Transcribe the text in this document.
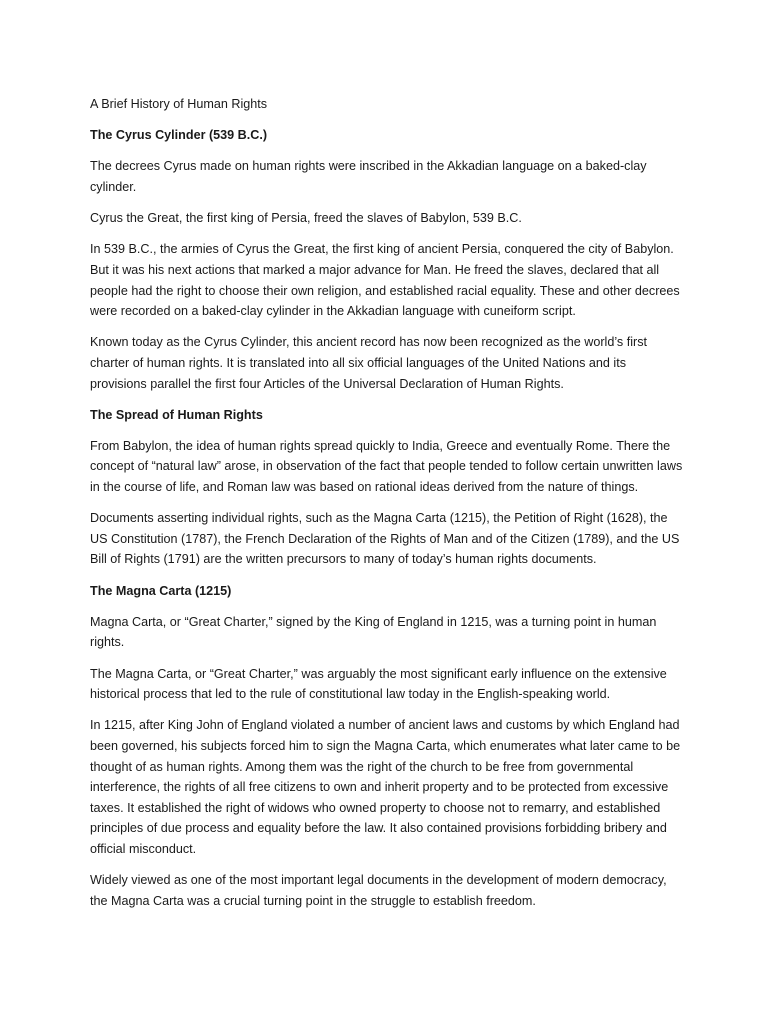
A Brief History of Human Rights

The Cyrus Cylinder (539 B.C.)

The decrees Cyrus made on human rights were inscribed in the Akkadian language on a baked-clay cylinder.

Cyrus the Great, the first king of Persia, freed the slaves of Babylon, 539 B.C.

In 539 B.C., the armies of Cyrus the Great, the first king of ancient Persia, conquered the city of Babylon. But it was his next actions that marked a major advance for Man. He freed the slaves, declared that all people had the right to choose their own religion, and established racial equality. These and other decrees were recorded on a baked-clay cylinder in the Akkadian language with cuneiform script.

Known today as the Cyrus Cylinder, this ancient record has now been recognized as the world’s first charter of human rights. It is translated into all six official languages of the United Nations and its provisions parallel the first four Articles of the Universal Declaration of Human Rights.

The Spread of Human Rights

From Babylon, the idea of human rights spread quickly to India, Greece and eventually Rome. There the concept of “natural law” arose, in observation of the fact that people tended to follow certain unwritten laws in the course of life, and Roman law was based on rational ideas derived from the nature of things.

Documents asserting individual rights, such as the Magna Carta (1215), the Petition of Right (1628), the US Constitution (1787), the French Declaration of the Rights of Man and of the Citizen (1789), and the US Bill of Rights (1791) are the written precursors to many of today’s human rights documents.

The Magna Carta (1215)

Magna Carta, or “Great Charter,” signed by the King of England in 1215, was a turning point in human rights.

The Magna Carta, or “Great Charter,” was arguably the most significant early influence on the extensive historical process that led to the rule of constitutional law today in the English-speaking world.

In 1215, after King John of England violated a number of ancient laws and customs by which England had been governed, his subjects forced him to sign the Magna Carta, which enumerates what later came to be thought of as human rights. Among them was the right of the church to be free from governmental interference, the rights of all free citizens to own and inherit property and to be protected from excessive taxes. It established the right of widows who owned property to choose not to remarry, and established principles of due process and equality before the law. It also contained provisions forbidding bribery and official misconduct.

Widely viewed as one of the most important legal documents in the development of modern democracy, the Magna Carta was a crucial turning point in the struggle to establish freedom.
